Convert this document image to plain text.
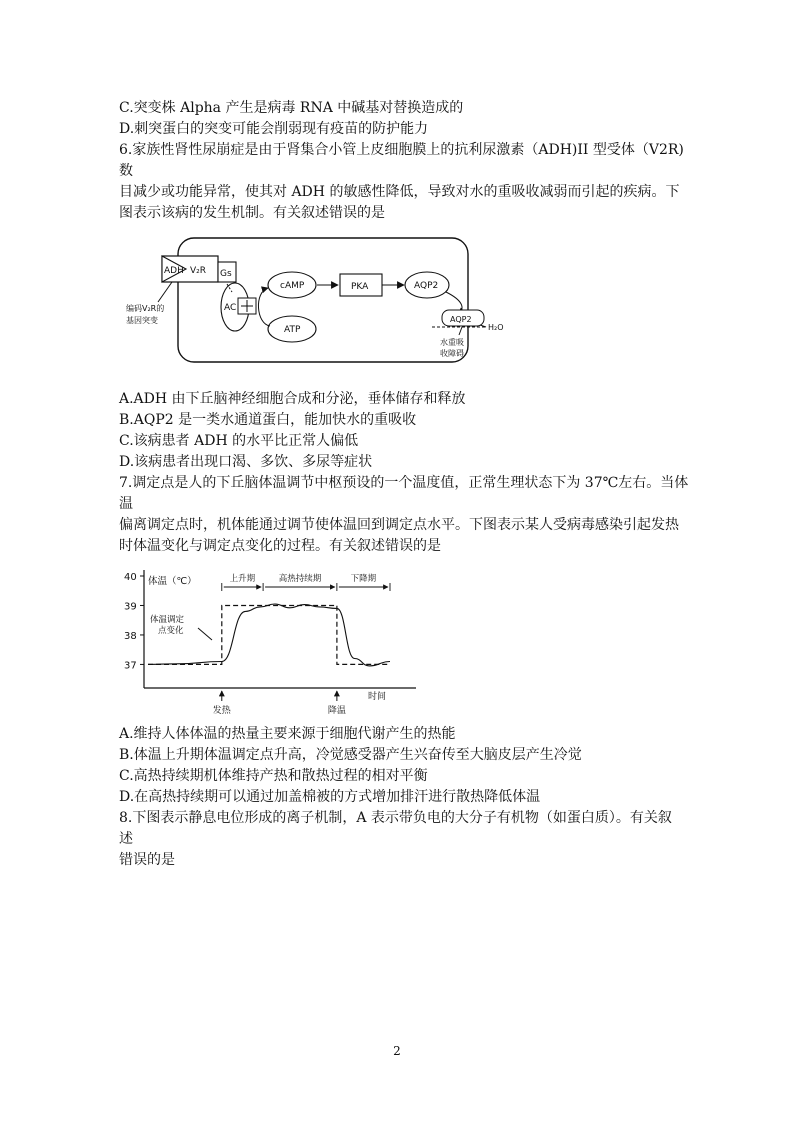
C.突变株 Alpha 产生是病毒 RNA 中碱基对替换造成的
D.刺突蛋白的突变可能会削弱现有疫苗的防护能力
6.家族性肾性尿崩症是由于肾集合小管上皮细胞膜上的抗利尿激素（ADH)II 型受体（V2R)
数
目减少或功能异常，使其对 ADH 的敏感性降低，导致对水的重吸收减弱而引起的疾病。下
图表示该病的发生机制。有关叙述错误的是
ADH V₂R Gs
AC
cAMP
ATP
PKA	AQP2
AQP2
H₂O
水重吸
收障碍
编码V₂R的
基因突变
A.ADH 由下丘脑神经细胞合成和分泌，垂体储存和释放
B.AQP2 是一类水通道蛋白，能加快水的重吸收
C.该病患者 ADH 的水平比正常人偏低
D.该病患者出现口渴、多饮、多尿等症状
7.调定点是人的下丘脑体温调节中枢预设的一个温度值，正常生理状态下为 37℃左右。当体
温
偏离调定点时，机体能通过调节使体温回到调定点水平。下图表示某人受病毒感染引起发热
时体温变化与调定点变化的过程。有关叙述错误的是
40
39
38
37
体温（℃）
时间
上升期	高热持续期	下降期
发热	降温
体温调定
点变化
A.维持人体体温的热量主要来源于细胞代谢产生的热能
B.体温上升期体温调定点升高，冷觉感受器产生兴奋传至大脑皮层产生冷觉
C.高热持续期机体维持产热和散热过程的相对平衡
D.在高热持续期可以通过加盖棉被的方式增加排汗进行散热降低体温
8.下图表示静息电位形成的离子机制，A 表示带负电的大分子有机物（如蛋白质）。有关叙
述
错误的是
2
